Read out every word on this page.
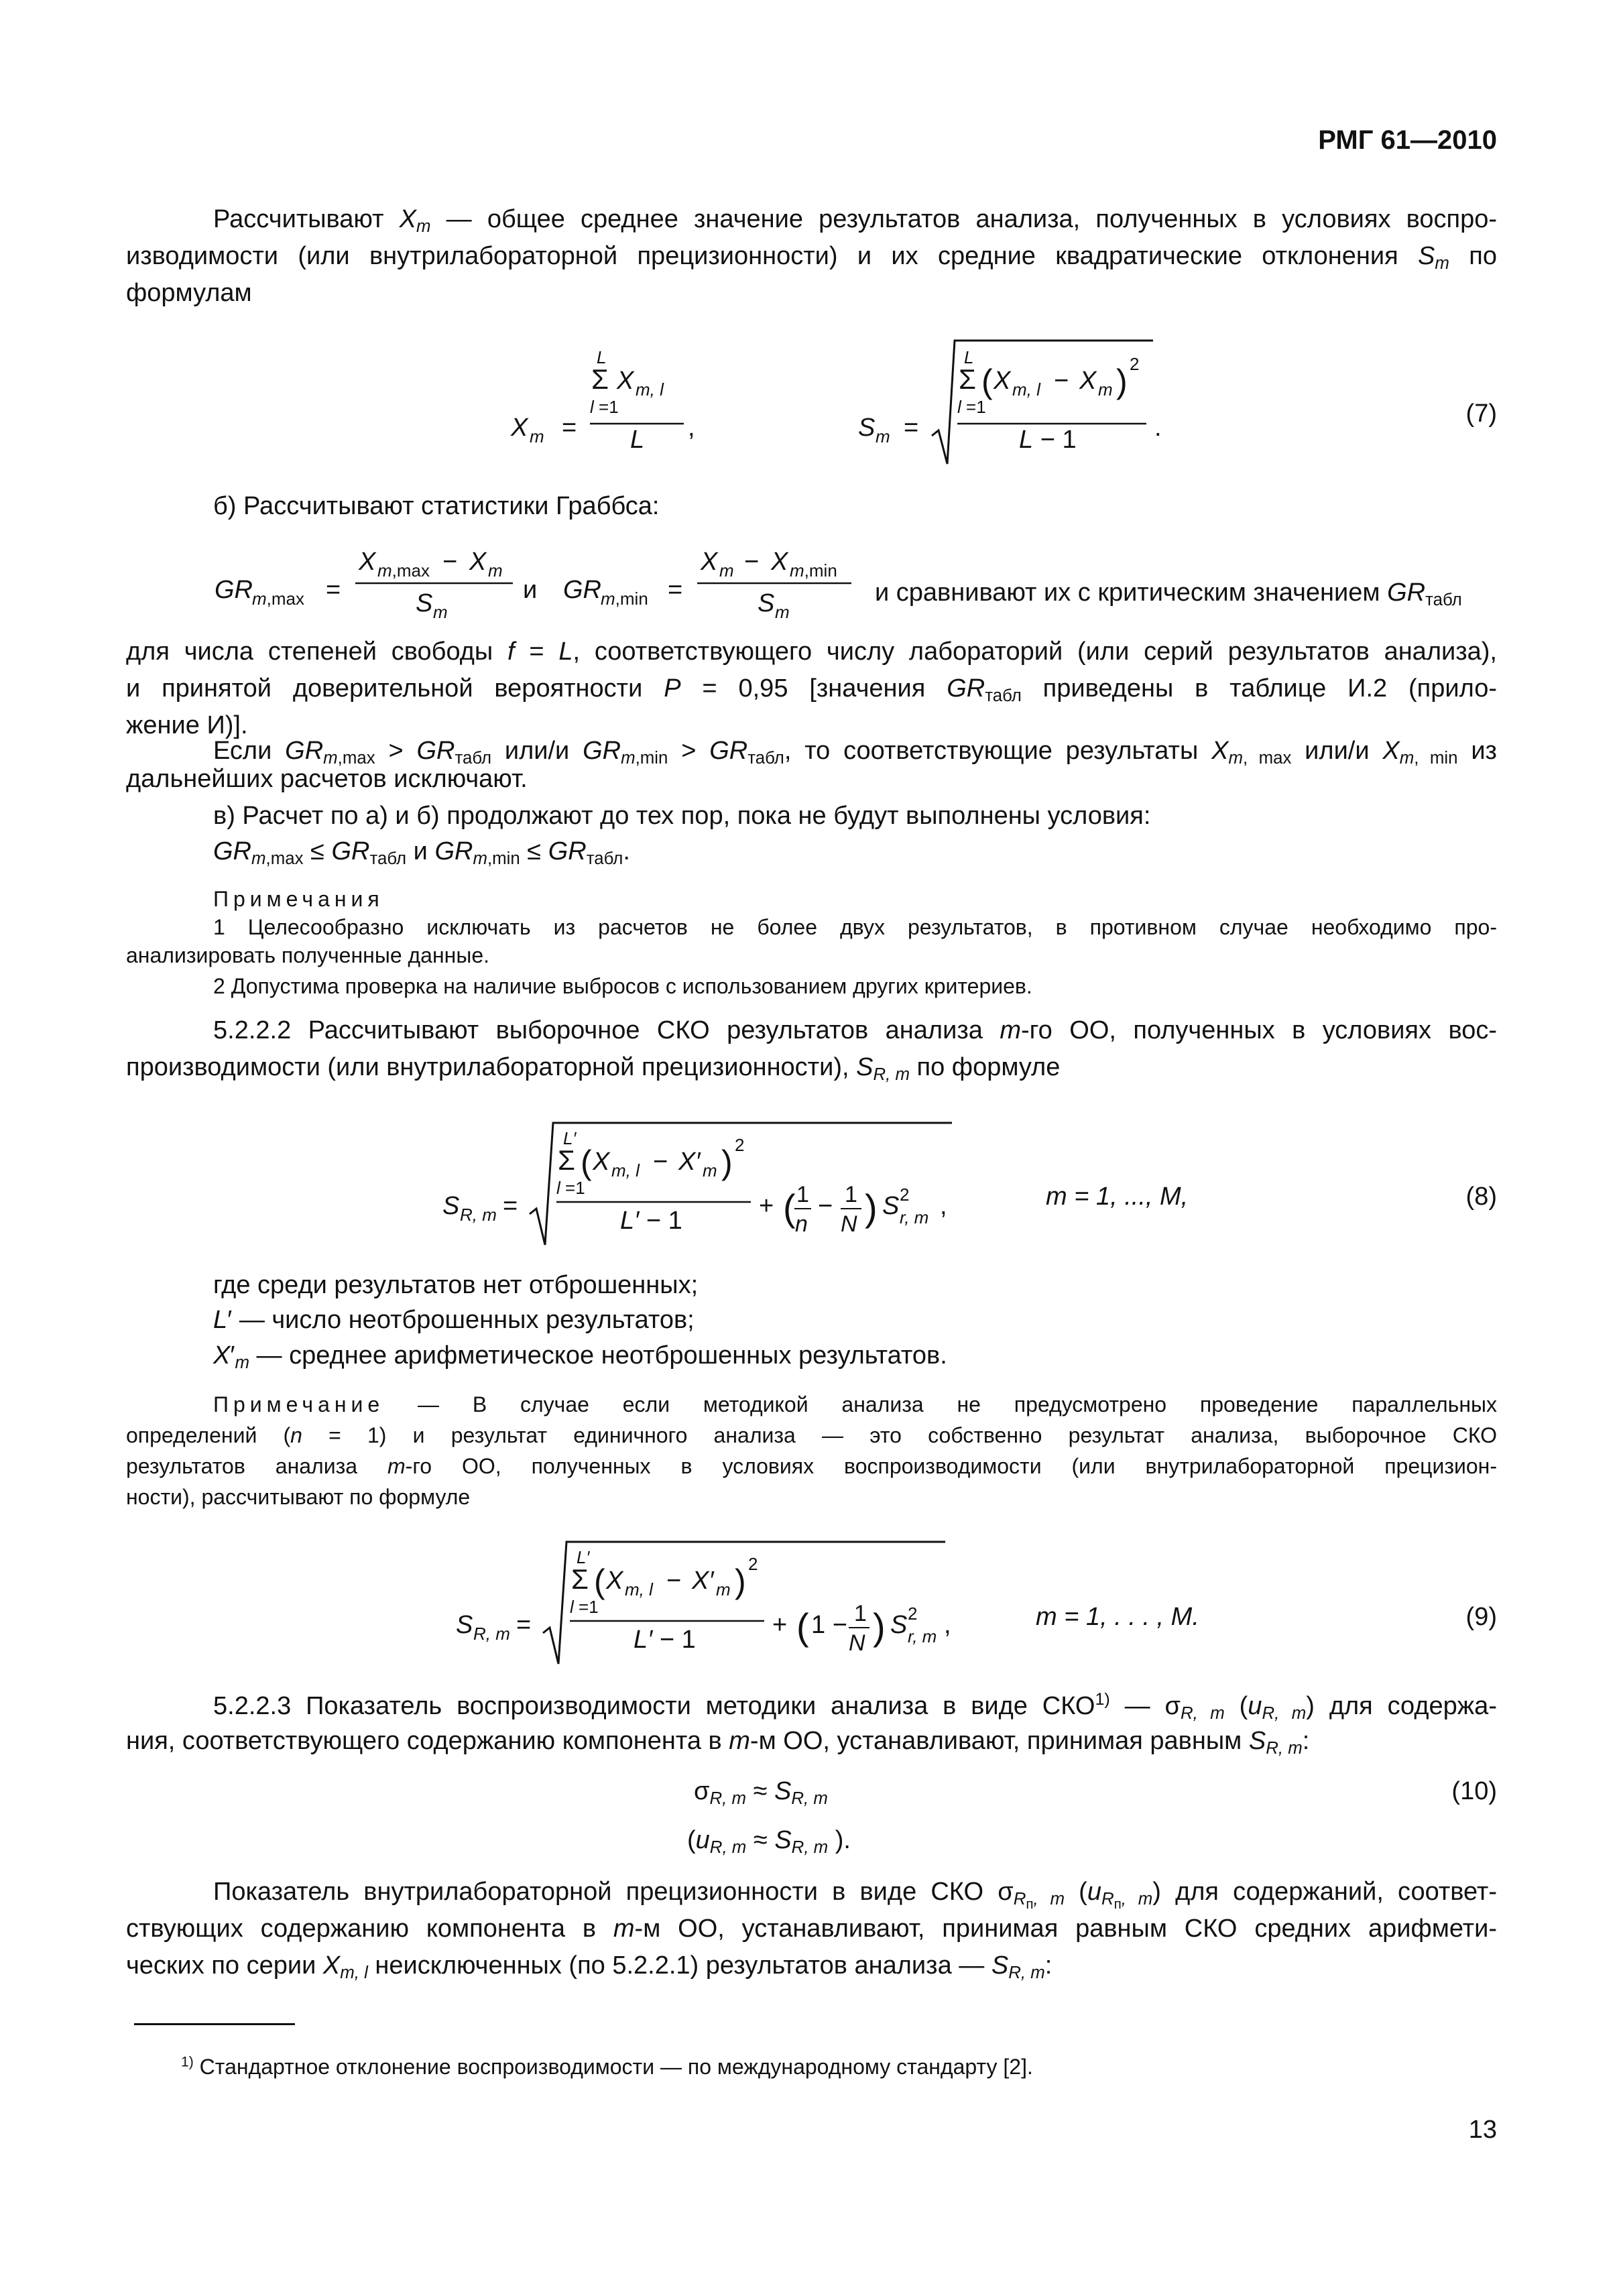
РМГ 61—2010
Рассчитывают $X_m$ — общее среднее значение результатов анализа, полученных в условиях воспро-
изводимости (или внутрилабораторной прецизионности) и их средние квадратические отклонения $S_m$ по
формулам
L
Σ X m, l
l =1
L
X m =	,	S m =
L
Σ ( X m, l − X m ) 2
l =1
L − 1	.	(7)
б) Рассчитывают статистики Граббса:
GR m,max =
X m,max − X m
S m
и GR m,min =
X m − X m,min
S m
и сравнивают их с критическим значением $GR_{табл}$
для числа степеней свободы f = L, соответствующего числу лабораторий (или серий результатов анализа),
и принятой доверительной вероятности P = 0,95 [значения $GR_{табл}$ приведены в таблице И.2 (прило-
жение И)].
Если $GR_{m,max} > GR_{табл}$ или/и $GR_{m,min} > GR_{табл}$, то соответствующие результаты $X_{m, max}$ или/и $X_{m, min}$ из
дальнейших расчетов исключают.
в) Расчет по а) и б) продолжают до тех пор, пока не будут выполнены условия:
$GR_{m,max} \le GR_{табл}$ и $GR_{m,min} \le GR_{табл}$.
Примечания
1 Целесообразно исключать из расчетов не более двух результатов, в противном случае необходимо про-
анализировать полученные данные.
2 Допустима проверка на наличие выбросов с использованием других критериев.
5.2.2.2 Рассчитывают выборочное СКО результатов анализа m-го ОО, полученных в условиях вос-
производимости (или внутрилабораторной прецизионности), $S_{R, m}$ по формуле
S R, m =
L′
Σ ( X m, l − X′ m ) 2
l =1
L′ − 1
+ ( 1
n
− 1
N ) S 2
r, m ,	m = 1, ..., M,	(8)
где среди результатов нет отброшенных;
L′ — число неотброшенных результатов;
$X'_m$ — среднее арифметическое неотброшенных результатов.
Примечание — В случае если методикой анализа не предусмотрено проведение параллельных
определений (n = 1) и результат единичного анализа — это собственно результат анализа, выборочное СКО
результатов анализа m-го ОО, полученных в условиях воспроизводимости (или внутрилабораторной прецизион-
ности), рассчитывают по формуле
S R, m =
L′
Σ ( X m, l − X′ m ) 2
l =1
L′ − 1
+ ( 1 − 1
N ) S 2
r, m ,	m = 1, . . . , M.	(9)
5.2.2.3 Показатель воспроизводимости методики анализа в виде СКО$^{1)}$ — $\sigma_{R, m}$ $(u_{R, m})$ для содержа-
ния, соответствующего содержанию компонента в m-м ОО, устанавливают, принимая равным $S_{R, m}$:
$\sigma_{R, m} \approx S_{R, m}$
($u_{R, m} \approx S_{R, m}$ ).
(10)
Показатель внутрилабораторной прецизионности в виде СКО $\sigma_{R_п, m}$ $(u_{R_п, m})$ для содержаний, соответ-
ствующих содержанию компонента в m-м ОО, устанавливают, принимая равным СКО средних арифмети-
ческих по серии $X_{m, l}$ неисключенных (по 5.2.2.1) результатов анализа — $S_{R, m}$:
$^{1)}$ Стандартное отклонение воспроизводимости — по международному стандарту [2].
13
